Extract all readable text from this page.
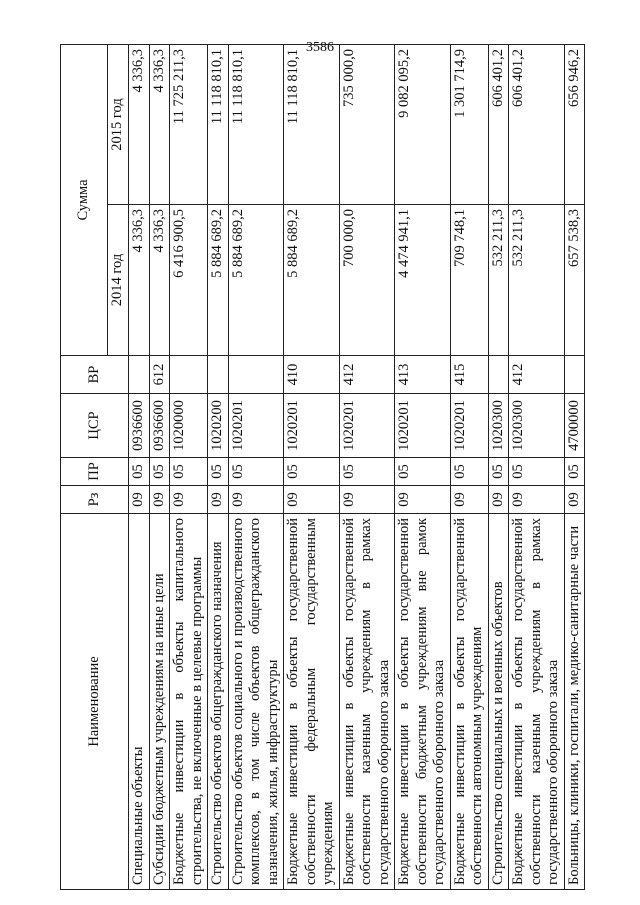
3586
Наименование	Рз	ПР	ЦСР	ВР	Сумма	
					2014 год	2015 год
Специальные объекты	09	05	0936600		4 336,3	4 336,3
Субсидии бюджетным учреждениям на иные цели	09	05	0936600	612	4 336,3	4 336,3
Бюджетные инвестиции в объекты капитального строительства, не включенные в целевые программы	09	05	1020000		6 416 900,5	11 725 211,3
Строительство объектов общегражданского назначения	09	05	1020200		5 884 689,2	11 118 810,1
Строительство объектов социального и производственного комплексов, в том числе объектов общегражданского назначения, жилья, инфраструктуры	09	05	1020201		5 884 689,2	11 118 810,1
Бюджетные инвестиции в объекты государственной собственности федеральным государственным учреждениям	09	05	1020201	410	5 884 689,2	11 118 810,1
Бюджетные инвестиции в объекты государственной собственности казенным учреждениям в рамках государственного оборонного заказа	09	05	1020201	412	700 000,0	735 000,0
Бюджетные инвестиции в объекты государственной собственности бюджетным учреждениям вне рамок государственного оборонного заказа	09	05	1020201	413	4 474 941,1	9 082 095,2
Бюджетные инвестиции в объекты государственной собственности автономным учреждениям	09	05	1020201	415	709 748,1	1 301 714,9
Строительство специальных и военных объектов	09	05	1020300		532 211,3	606 401,2
Бюджетные инвестиции в объекты государственной собственности казенным учреждениям в рамках государственного оборонного заказа	09	05	1020300	412	532 211,3	606 401,2
Больницы, клиники, госпитали, медико-санитарные части	09	05	4700000		657 538,3	656 946,2
